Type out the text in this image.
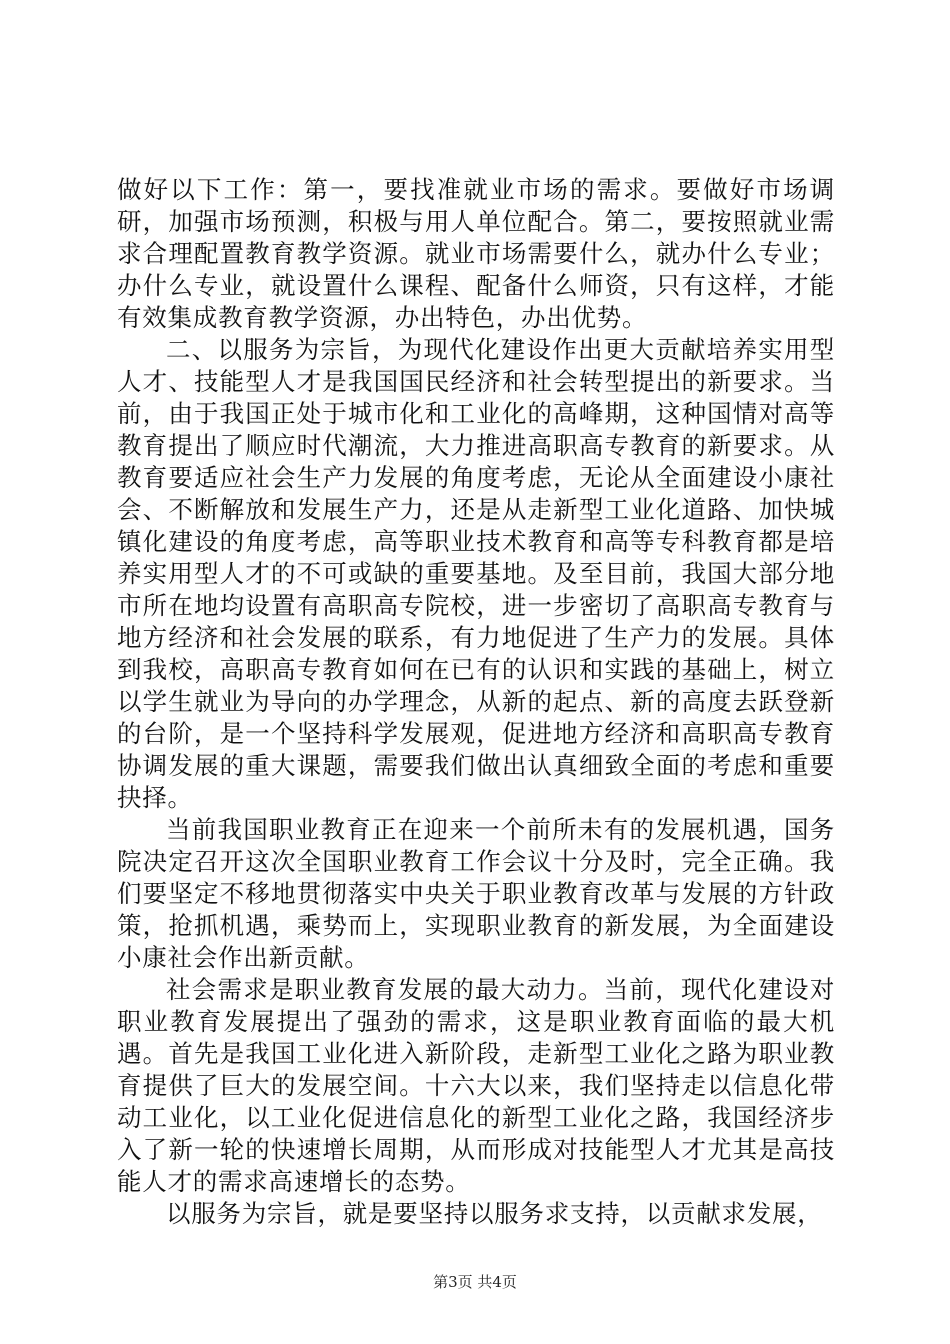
做好以下工作：第一，要找准就业市场的需求。要做好市场调研，加强市场预测，积极与用人单位配合。第二，要按照就业需求合理配置教育教学资源。就业市场需要什么，就办什么专业；办什么专业，就设置什么课程、配备什么师资，只有这样，才能有效集成教育教学资源，办出特色，办出优势。

二、以服务为宗旨，为现代化建设作出更大贡献培养实用型人才、技能型人才是我国国民经济和社会转型提出的新要求。当前，由于我国正处于城市化和工业化的高峰期，这种国情对高等教育提出了顺应时代潮流，大力推进高职高专教育的新要求。从教育要适应社会生产力发展的角度考虑，无论从全面建设小康社会、不断解放和发展生产力，还是从走新型工业化道路、加快城镇化建设的角度考虑，高等职业技术教育和高等专科教育都是培养实用型人才的不可或缺的重要基地。及至目前，我国大部分地市所在地均设置有高职高专院校，进一步密切了高职高专教育与地方经济和社会发展的联系，有力地促进了生产力的发展。具体到我校，高职高专教育如何在已有的认识和实践的基础上，树立以学生就业为导向的办学理念，从新的起点、新的高度去跃登新的台阶，是一个坚持科学发展观，促进地方经济和高职高专教育协调发展的重大课题，需要我们做出认真细致全面的考虑和重要抉择。

当前我国职业教育正在迎来一个前所未有的发展机遇，国务院决定召开这次全国职业教育工作会议十分及时，完全正确。我们要坚定不移地贯彻落实中央关于职业教育改革与发展的方针政策，抢抓机遇，乘势而上，实现职业教育的新发展，为全面建设小康社会作出新贡献。

社会需求是职业教育发展的最大动力。当前，现代化建设对职业教育发展提出了强劲的需求，这是职业教育面临的最大机遇。首先是我国工业化进入新阶段，走新型工业化之路为职业教育提供了巨大的发展空间。十六大以来，我们坚持走以信息化带动工业化，以工业化促进信息化的新型工业化之路，我国经济步入了新一轮的快速增长周期，从而形成对技能型人才尤其是高技能人才的需求高速增长的态势。

以服务为宗旨，就是要坚持以服务求支持，以贡献求发展，

第3页 共4页
